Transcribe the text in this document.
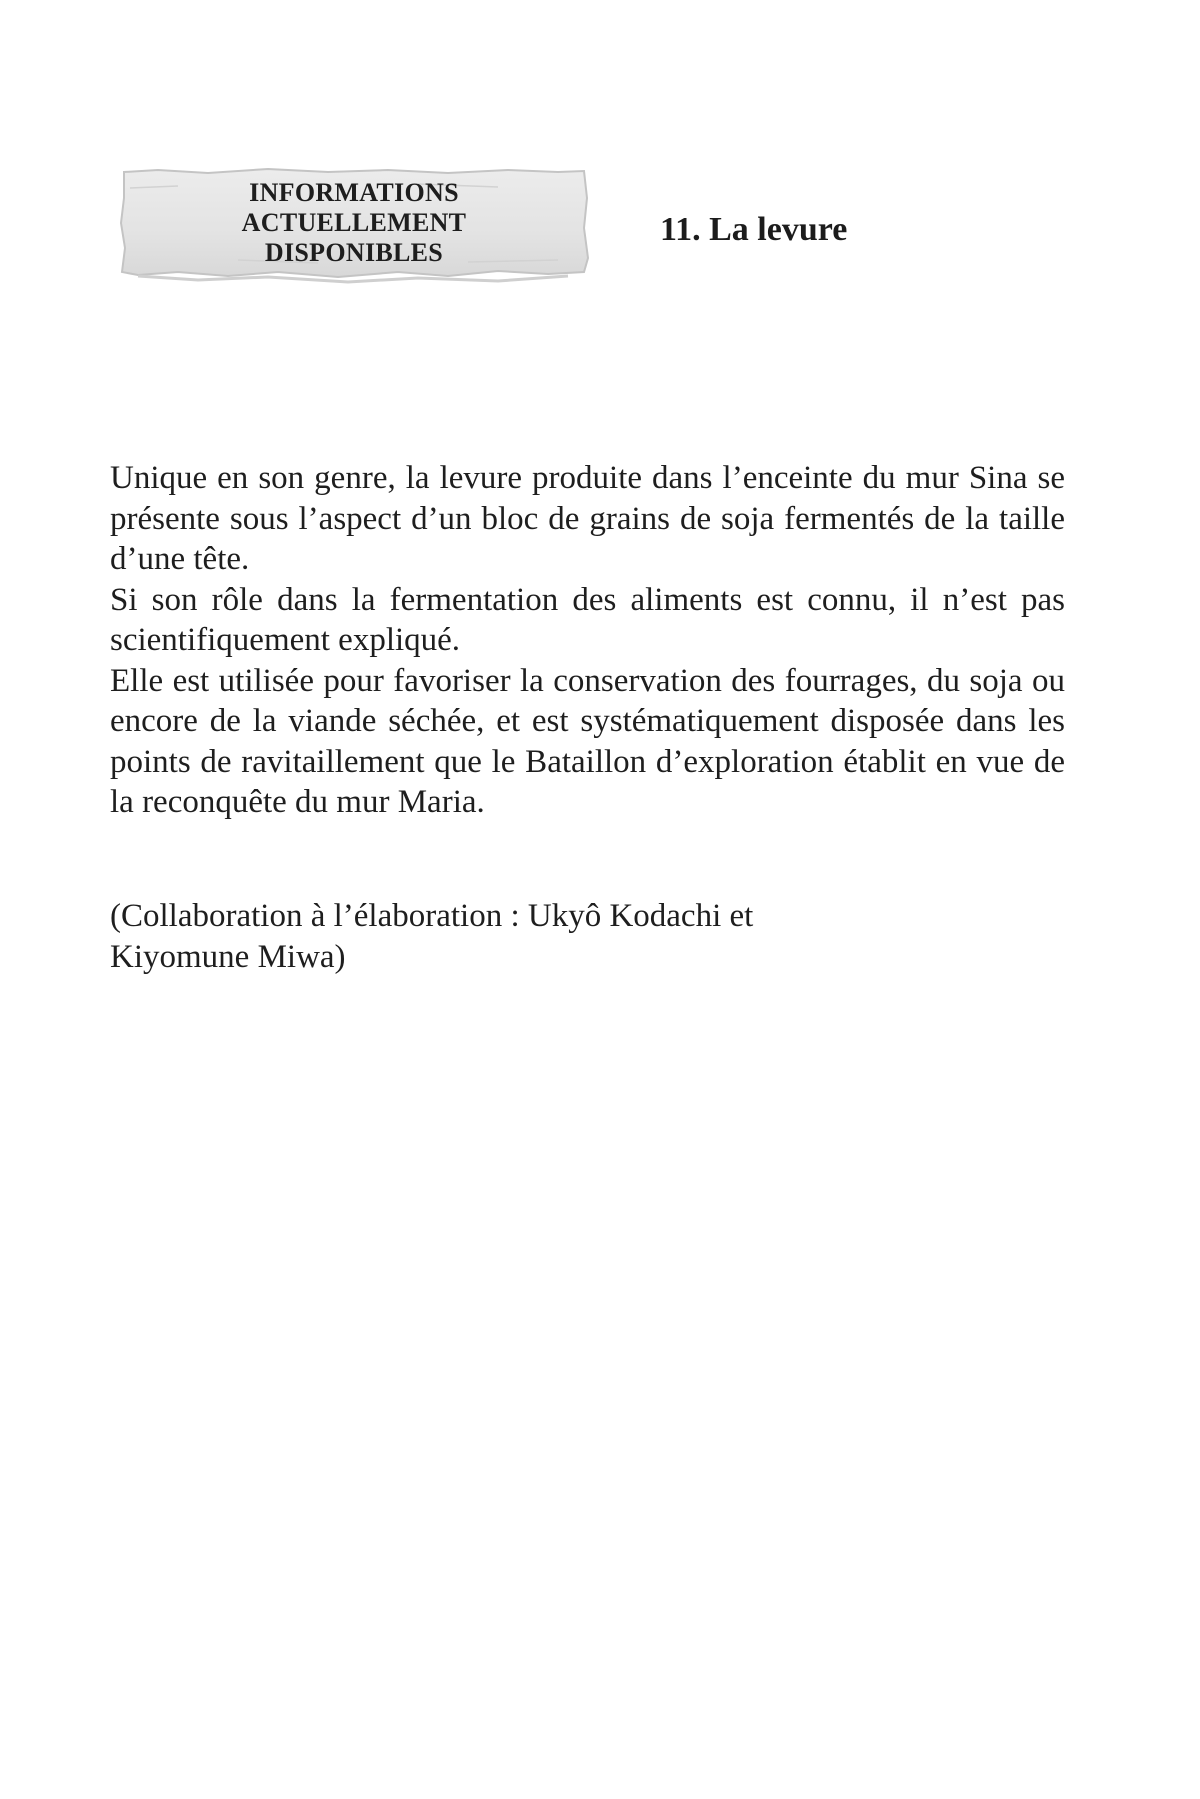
INFORMATIONS
ACTUELLEMENT
DISPONIBLES
11. La levure

Unique en son genre, la levure produite dans l’enceinte du mur Sina se présente sous l’aspect d’un bloc de grains de soja fermentés de la taille d’une tête.

Si son rôle dans la fermentation des aliments est connu, il n’est pas scientifiquement expliqué.

Elle est utilisée pour favoriser la conservation des fourrages, du soja ou encore de la viande séchée, et est systématiquement disposée dans les points de ravitaillement que le Bataillon d’exploration établit en vue de la reconquête du mur Maria.

(Collaboration à l’élaboration : Ukyô Kodachi et
Kiyomune Miwa)
